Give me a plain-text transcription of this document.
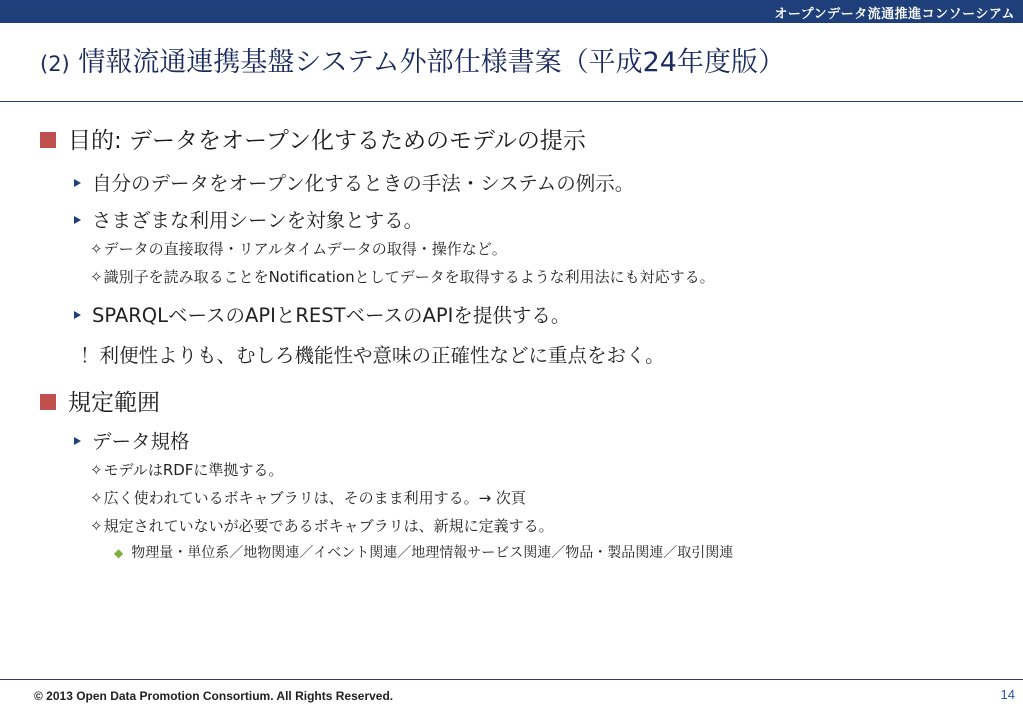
オープンデータ流通推進コンソーシアム
(2) 情報流通連携基盤システム外部仕様書案（平成24年度版）
目的: データをオープン化するためのモデルの提示
自分のデータをオープン化するときの手法・システムの例示。
さまざまな利用シーンを対象とする。
✧データの直接取得・リアルタイムデータの取得・操作など。
✧識別子を読み取ることをNotificationとしてデータを取得するような利用法にも対応する。
SPARQLベースのAPIとRESTベースのAPIを提供する。
！利便性よりも、むしろ機能性や意味の正確性などに重点をおく。
規定範囲
データ規格
✧モデルはRDFに準拠する。
✧広く使われているボキャブラリは、そのまま利用する。→ 次頁
✧規定されていないが必要であるボキャブラリは、新規に定義する。
◆ 物理量・単位系／地物関連／イベント関連／地理情報サービス関連／物品・製品関連／取引関連
© 2013 Open Data Promotion Consortium. All Rights Reserved.	14
